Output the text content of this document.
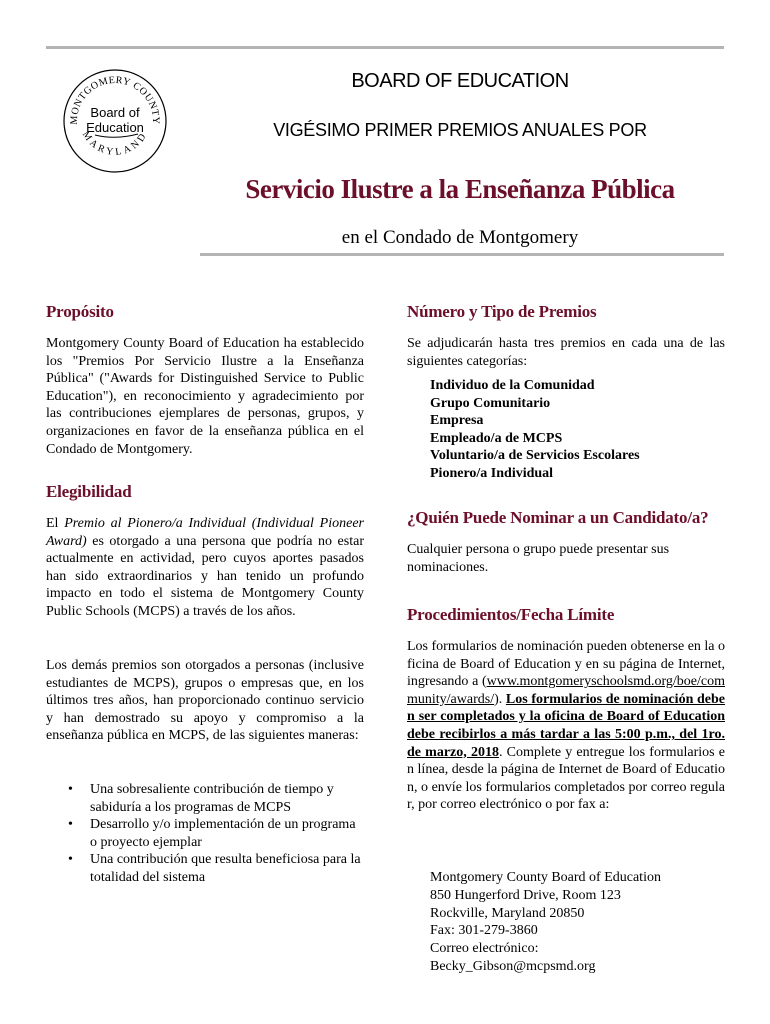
MONTGOMERY COUNTY
MARYLAND
Board of
Education
BOARD OF EDUCATION
VIGÉSIMO PRIMER PREMIOS ANUALES POR
Servicio Ilustre a la Enseñanza Pública
en el Condado de Montgomery
Propósito

Montgomery County Board of Education ha establecido los "Premios Por Servicio Ilustre a la Enseñanza Pública" ("Awards for Distinguished Service to Public Education"), en reconocimiento y agradecimiento por las contribuciones ejemplares de personas, grupos, y organizaciones en favor de la enseñanza pública en el Condado de Montgomery.

Elegibilidad

El Premio al Pionero/a Individual (Individual Pioneer Award) es otorgado a una persona que podría no estar actualmente en actividad, pero cuyos aportes pasados han sido extraordinarios y han tenido un profundo impacto en todo el sistema de Montgomery County Public Schools (MCPS) a través de los años.

Los demás premios son otorgados a personas (inclusive estudiantes de MCPS), grupos o empresas que, en los últimos tres años, han proporcionado continuo servicio y han demostrado su apoyo y compromiso a la enseñanza pública en MCPS, de las siguientes maneras:

• Una sobresaliente contribución de tiempo y sabiduría a los programas de MCPS
• Desarrollo y/o implementación de un programa o proyecto ejemplar
• Una contribución que resulta beneficiosa para la totalidad del sistema
Número y Tipo de Premios

Se adjudicarán hasta tres premios en cada una de las siguientes categorías:

Individuo de la Comunidad
Grupo Comunitario
Empresa
Empleado/a de MCPS
Voluntario/a de Servicios Escolares
Pionero/a Individual
¿Quién Puede Nominar a un Candidato/a?

Cualquier persona o grupo puede presentar sus nominaciones.

Procedimientos/Fecha Límite

Los formularios de nominación pueden obtenerse en la oficina de Board of Education y en su página de Internet, ingresando a (www.montgomeryschoolsmd.org/boe/community/awards/). Los formularios de nominación deben ser completados y la oficina de Board of Education debe recibirlos a más tardar a las 5:00 p.m., del 1ro. de marzo, 2018. Complete y entregue los formularios en línea, desde la página de Internet de Board of Education, o envíe los formularios completados por correo regular, por correo electrónico o por fax a:

Montgomery County Board of Education
850 Hungerford Drive, Room 123
Rockville, Maryland 20850
Fax: 301-279-3860
Correo electrónico:
Becky_Gibson@mcpsmd.org
